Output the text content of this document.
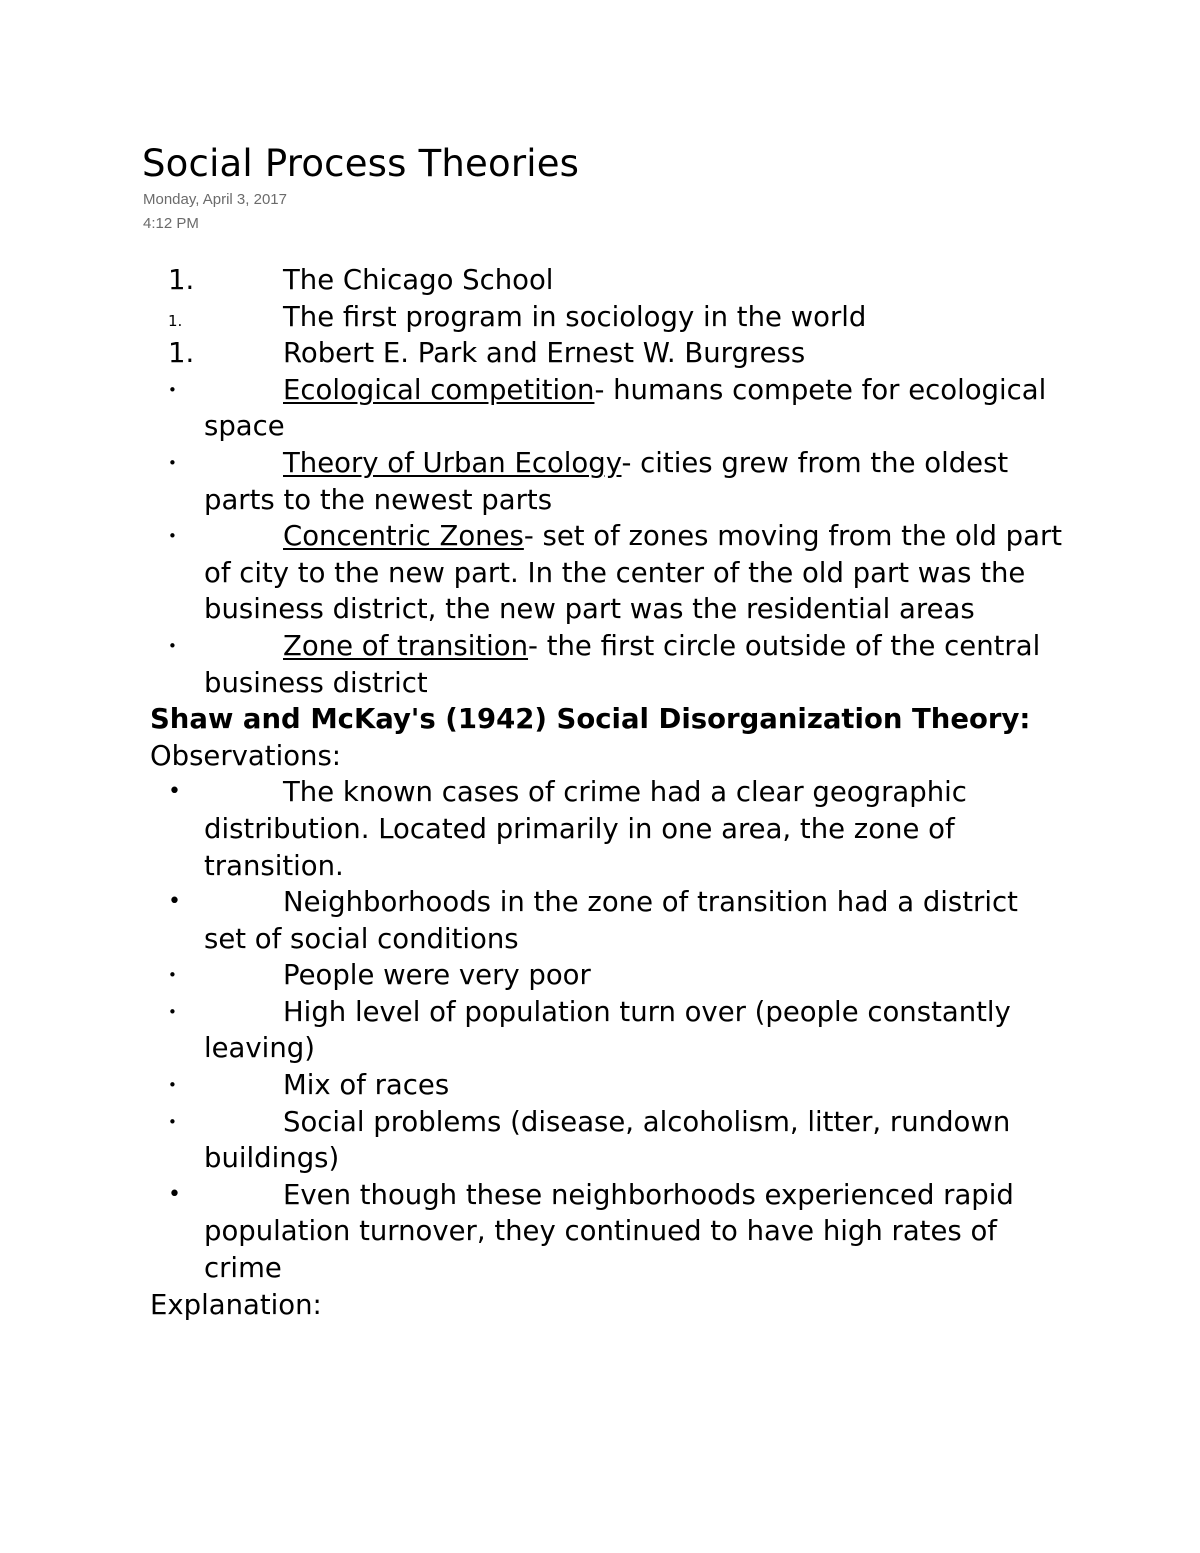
Social Process Theories
Monday, April 3, 2017
4:12 PM
1.	The Chicago School
1.	The first program in sociology in the world
1.	Robert E. Park and Ernest W. Burgress
•	Ecological competition- humans compete for ecological space
•	Theory of Urban Ecology- cities grew from the oldest parts to the newest parts
•	Concentric Zones- set of zones moving from the old part of city to the new part. In the center of the old part was the business district, the new part was the residential areas
•	Zone of transition- the first circle outside of the central business district
Shaw and McKay's (1942) Social Disorganization Theory:
Observations:
•	The known cases of crime had a clear geographic distribution. Located primarily in one area, the zone of transition.
•	Neighborhoods in the zone of transition had a district set of social conditions
•	People were very poor
•	High level of population turn over (people constantly leaving)
•	Mix of races
•	Social problems (disease, alcoholism, litter, rundown buildings)
•	Even though these neighborhoods experienced rapid population turnover, they continued to have high rates of crime
Explanation:
